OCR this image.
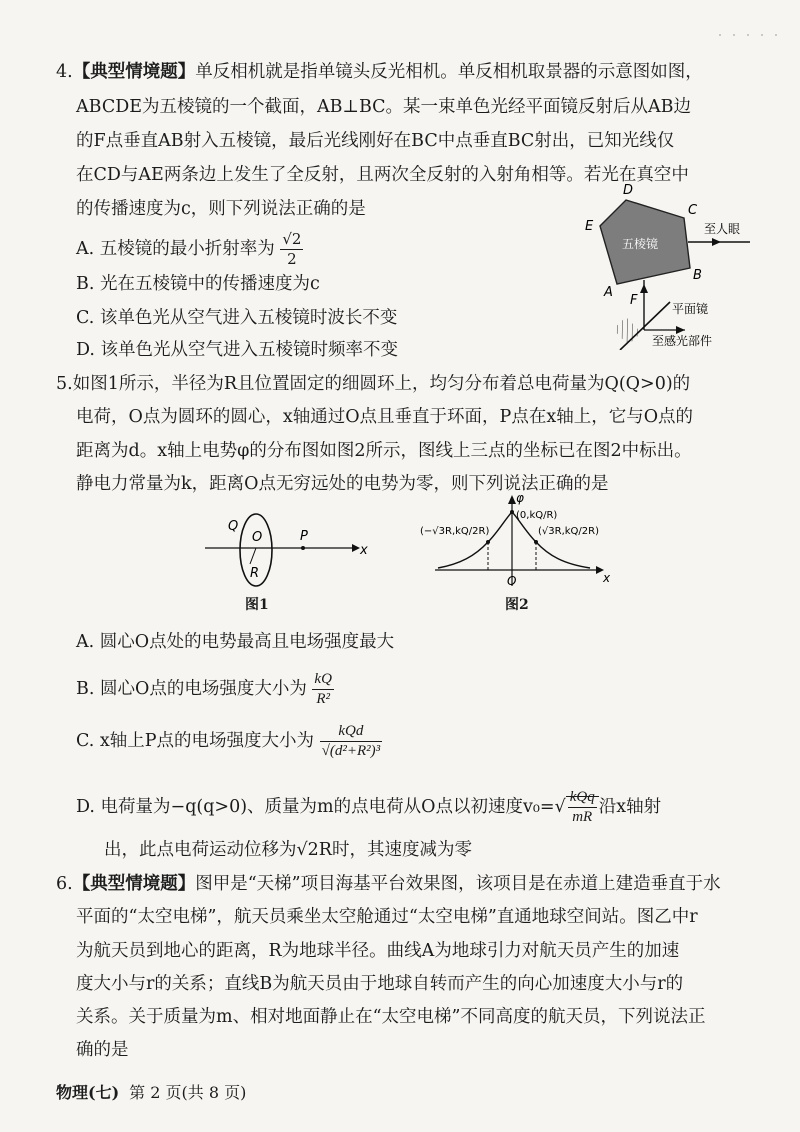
4.【典型情境题】单反相机就是指单镜头反光相机。单反相机取景器的示意图如图，
ABCDE为五棱镜的一个截面，AB⊥BC。某一束单色光经平面镜反射后从AB边
的F点垂直AB射入五棱镜，最后光线刚好在BC中点垂直BC射出，已知光线仅
在CD与AE两条边上发生了全反射，且两次全反射的入射角相等。若光在真空中
的传播速度为c，则下列说法正确的是
A. 五棱镜的最小折射率为 $\frac{√2}{2}$
B. 光在五棱镜中的传播速度为c
C. 该单色光从空气进入五棱镜时波长不变
D. 该单色光从空气进入五棱镜时频率不变
D
C
E
A
B
F
五棱镜
至人眼
平面镜
至感光部件
5.如图1所示，半径为R且位置固定的细圆环上，均匀分布着总电荷量为Q(Q>0)的
电荷，O点为圆环的圆心，x轴通过O点且垂直于环面，P点在x轴上，它与O点的
距离为d。x轴上电势φ的分布图如图2所示，图线上三点的坐标已在图2中标出。
静电力常量为k，距离O点无穷远处的电势为零，则下列说法正确的是
Q
O	P
x
R
图1
φ
O	x
(0,kQ/R)
(−√3R,kQ/2R)	(√3R,kQ/2R)
图2
A. 圆心O点处的电势最高且电场强度最大
B. 圆心O点的电场强度大小为 $\frac{kQ}{\text{R²}}$
C. x轴上P点的电场强度大小为 $\frac{\text{kQd}}{\text{√(d²+R²)³}}$
D. 电荷量为−q(q>0)、质量为m的点电荷从O点以初速度$v_0=√ \frac{\text{kQq}}{mR}$ 沿x轴射
出，此点电荷运动位移为√2R时，其速度减为零
6.【典型情境题】图甲是“天梯”项目海基平台效果图，该项目是在赤道上建造垂直于水
平面的“太空电梯”，航天员乘坐太空舱通过“太空电梯”直通地球空间站。图乙中r
为航天员到地心的距离，R为地球半径。曲线A为地球引力对航天员产生的加速
度大小与r的关系；直线B为航天员由于地球自转而产生的向心加速度大小与r的
关系。关于质量为m、相对地面静止在“太空电梯”不同高度的航天员，下列说法正
确的是
物理(七) 第 2 页(共 8 页)
